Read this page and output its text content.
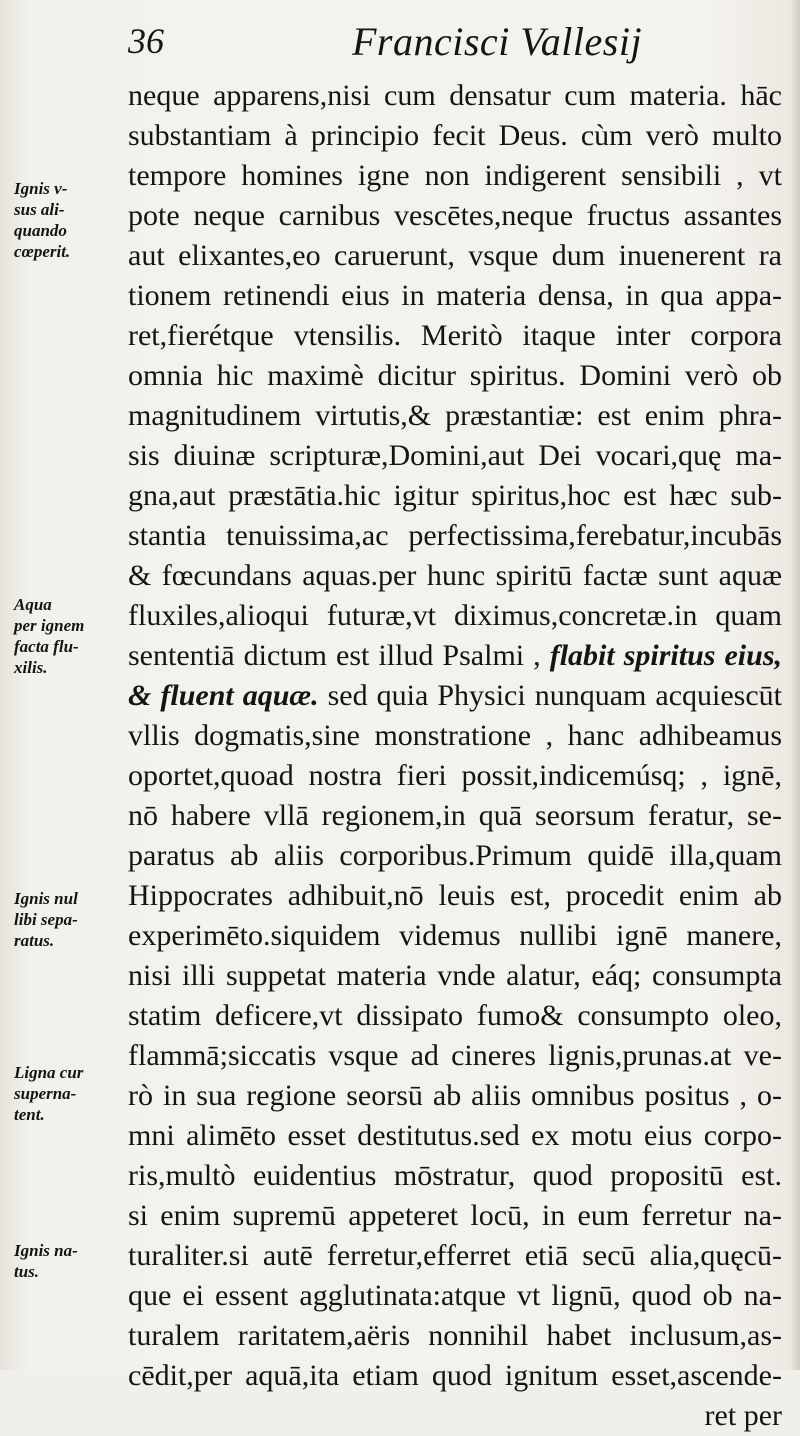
36	Francisci Vallesij
neque apparens,nisi cum densatur cum materia. hāc
substantiam à principio fecit Deus. cùm verò multo
tempore homines igne non indigerent sensibili , vt
pote neque carnibus vescētes,neque fructus assantes
aut elixantes,eo caruerunt, vsque dum inuenerent ra
tionem retinendi eius in materia densa, in qua appa-
ret,fierétque vtensilis. Meritò itaque inter corpora
omnia hic maximè dicitur spiritus. Domini verò ob
magnitudinem virtutis,& præstantiæ: est enim phra-
sis diuinæ scripturæ,Domini,aut Dei vocari,quę ma-
gna,aut præstātia.hic igitur spiritus,hoc est hæc sub-
stantia tenuissima,ac perfectissima,ferebatur,incubās
& fœcundans aquas.per hunc spiritū factæ sunt aquæ
fluxiles,alioqui futuræ,vt diximus,concretæ.in quam
sententiā dictum est illud Psalmi , flabit spiritus eius,
& fluent aquæ. sed quia Physici nunquam acquiescūt
vllis dogmatis,sine monstratione , hanc adhibeamus
oportet,quoad nostra fieri possit,indicemúsq; , ignē,
nō habere vllā regionem,in quā seorsum feratur, se-
paratus ab aliis corporibus.Primum quidē illa,quam
Hippocrates adhibuit,nō leuis est, procedit enim ab
experimēto.siquidem videmus nullibi ignē manere,
nisi illi suppetat materia vnde alatur, eáq; consumpta
statim deficere,vt dissipato fumo& consumpto oleo,
flammā;siccatis vsque ad cineres lignis,prunas.at ve-
rò in sua regione seorsū ab aliis omnibus positus , o-
mni alimēto esset destitutus.sed ex motu eius corpo-
ris,multò euidentius mōstratur, quod propositū est.
si enim supremū appeteret locū, in eum ferretur na-
turaliter.si autē ferretur,efferret etiā secū alia,quęcū-
que ei essent agglutinata:atque vt lignū, quod ob na-
turalem raritatem,aëris nonnihil habet inclusum,as-
cēdit,per aquā,ita etiam quod ignitum esset,ascende-
ret per
Ignis v-
sus ali-
quando
cœperit.
Aqua
per ignem
facta flu-
xilis.
Ignis nul
libi sepa-
ratus.
Ligna cur
superna-
tent.
Ignis na-
tus.
